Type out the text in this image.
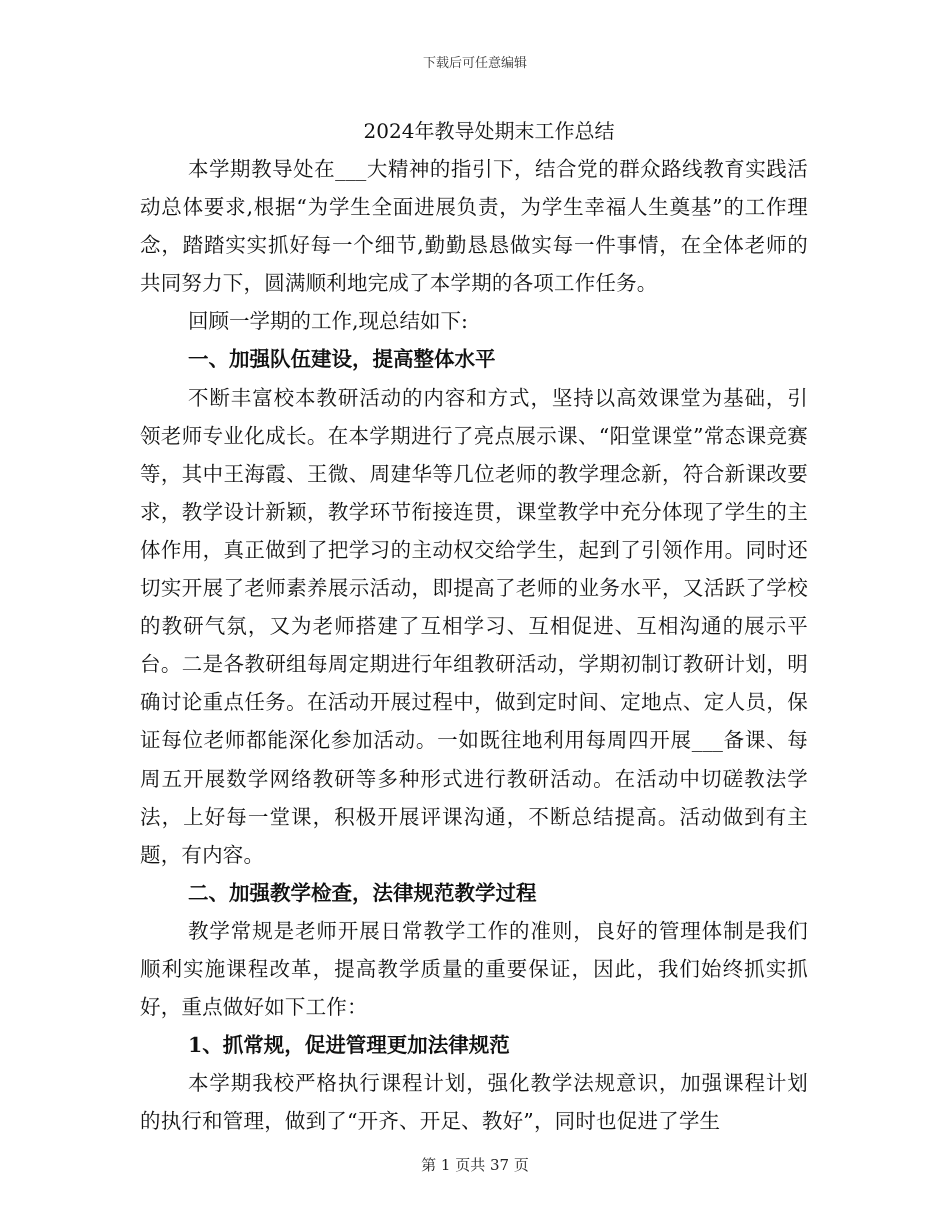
下载后可任意编辑
2024年教导处期末工作总结

本学期教导处在___大精神的指引下，结合党的群众路线教育实践活动总体要求,根据“为学生全面进展负责，为学生幸福人生奠基”的工作理念，踏踏实实抓好每一个细节,勤勤恳恳做实每一件事情，在全体老师的共同努力下，圆满顺利地完成了本学期的各项工作任务。

回顾一学期的工作,现总结如下:

一、加强队伍建设，提高整体水平

不断丰富校本教研活动的内容和方式，坚持以高效课堂为基础，引领老师专业化成长。在本学期进行了亮点展示课、“阳堂课堂”常态课竞赛等，其中王海霞、王微、周建华等几位老师的教学理念新，符合新课改要求，教学设计新颖，教学环节衔接连贯，课堂教学中充分体现了学生的主体作用，真正做到了把学习的主动权交给学生，起到了引领作用。同时还切实开展了老师素养展示活动，即提高了老师的业务水平，又活跃了学校的教研气氛，又为老师搭建了互相学习、互相促进、互相沟通的展示平台。二是各教研组每周定期进行年组教研活动，学期初制订教研计划，明确讨论重点任务。在活动开展过程中，做到定时间、定地点、定人员，保证每位老师都能深化参加活动。一如既往地利用每周四开展___备课、每周五开展数学网络教研等多种形式进行教研活动。在活动中切磋教法学法，上好每一堂课，积极开展评课沟通，不断总结提高。活动做到有主题，有内容。

二、加强教学检查，法律规范教学过程

教学常规是老师开展日常教学工作的准则，良好的管理体制是我们顺利实施课程改革，提高教学质量的重要保证，因此，我们始终抓实抓好，重点做好如下工作：

1、抓常规，促进管理更加法律规范

本学期我校严格执行课程计划，强化教学法规意识，加强课程计划的执行和管理，做到了“开齐、开足、教好”，同时也促进了学生

第 1 页共 37 页
